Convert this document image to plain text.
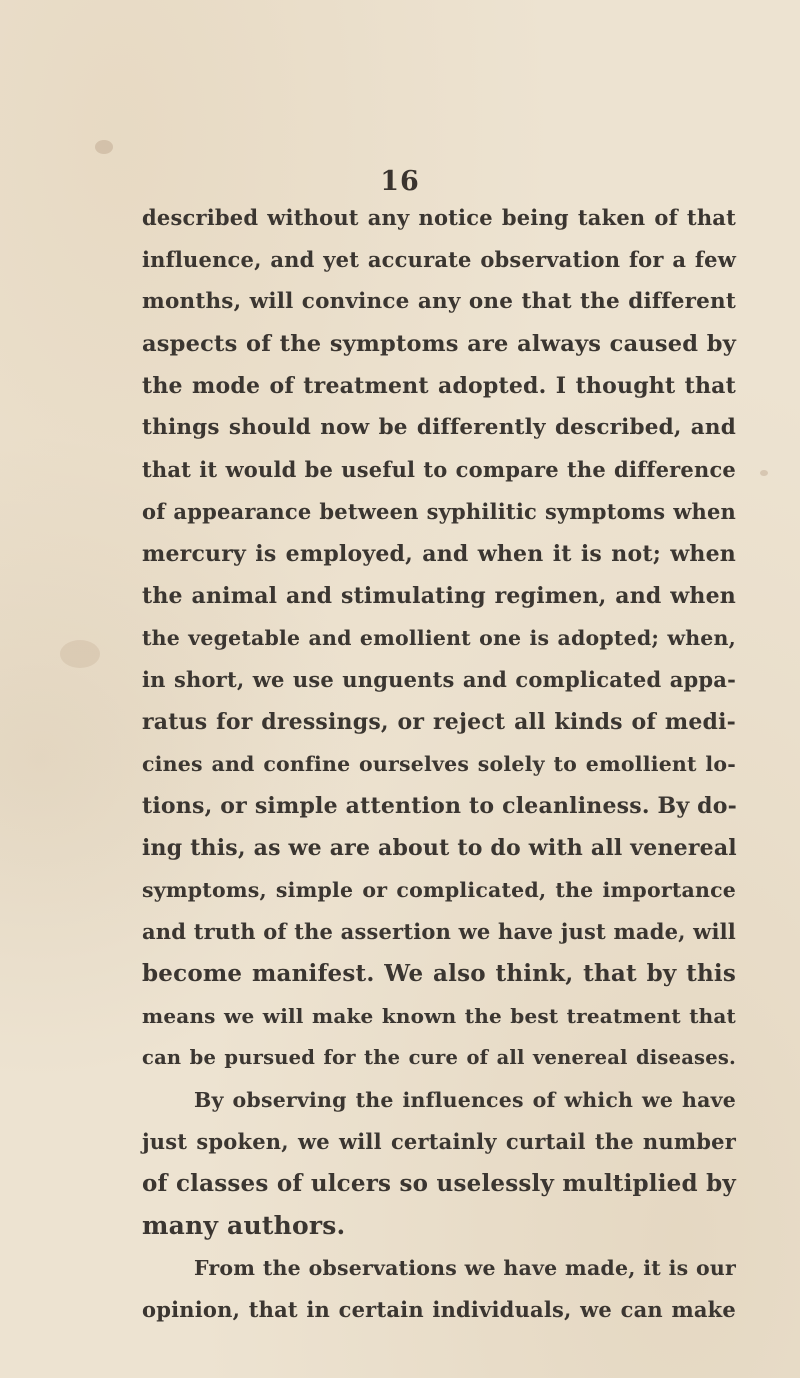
16
described without any notice being taken of that
influence, and yet accurate observation for a few
months, will convince any one that the different
aspects of the symptoms are always caused by
the mode of treatment adopted. I thought that
things should now be differently described, and
that it would be useful to compare the difference
of appearance between syphilitic symptoms when
mercury is employed, and when it is not; when
the animal and stimulating regimen, and when
the vegetable and emollient one is adopted; when,
in short, we use unguents and complicated appa-
ratus for dressings, or reject all kinds of medi-
cines and confine ourselves solely to emollient lo-
tions, or simple attention to cleanliness. By do-
ing this, as we are about to do with all venereal
symptoms, simple or complicated, the importance
and truth of the assertion we have just made, will
become manifest. We also think, that by this
means we will make known the best treatment that
can be pursued for the cure of all venereal diseases.
By observing the influences of which we have
just spoken, we will certainly curtail the number
of classes of ulcers so uselessly multiplied by
many authors.
From the observations we have made, it is our
opinion, that in certain individuals, we can make
